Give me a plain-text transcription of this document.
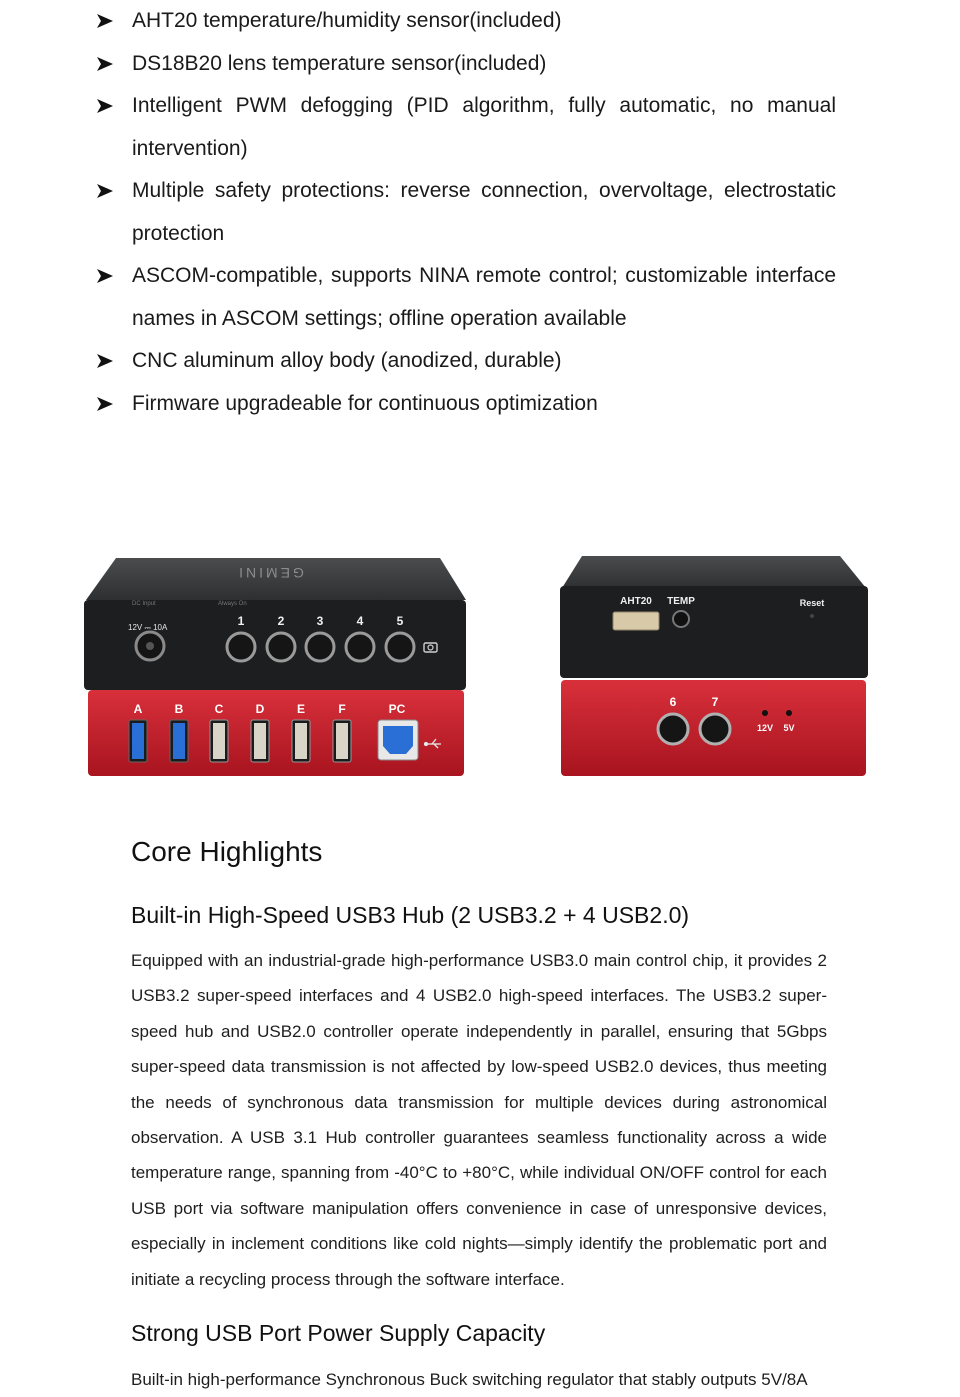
AHT20 temperature/humidity sensor(included)
DS18B20 lens temperature sensor(included)
Intelligent PWM defogging (PID algorithm, fully automatic, no manual intervention)
Multiple safety protections: reverse connection, overvoltage, electrostatic protection
ASCOM-compatible, supports NINA remote control; customizable interface names in ASCOM settings; offline operation available
CNC aluminum alloy body (anodized, durable)
Firmware upgradeable for continuous optimization
GEMINI
DC Input	Always On
12V ⎓ 10A	1	2	3	4	5
A	B	C	D	E	F	PC
AHT20 TEMP	Reset
6	7
12V 5V
Core Highlights
Built-in High-Speed USB3 Hub (2 USB3.2 + 4 USB2.0)

Equipped with an industrial-grade high-performance USB3.0 main control chip, it provides 2 USB3.2 super-speed interfaces and 4 USB2.0 high-speed interfaces. The USB3.2 super-speed hub and USB2.0 controller operate independently in parallel, ensuring that 5Gbps super-speed data transmission is not affected by low-speed USB2.0 devices, thus meeting the needs of synchronous data transmission for multiple devices during astronomical observation. A USB 3.1 Hub controller guarantees seamless functionality across a wide temperature range, spanning from -40°C to +80°C, while individual ON/OFF control for each USB port via software manipulation offers convenience in case of unresponsive devices, especially in inclement conditions like cold nights—simply identify the problematic port and initiate a recycling process through the software interface.

Strong USB Port Power Supply Capacity

Built-in high-performance Synchronous Buck switching regulator that stably outputs 5V/8A
